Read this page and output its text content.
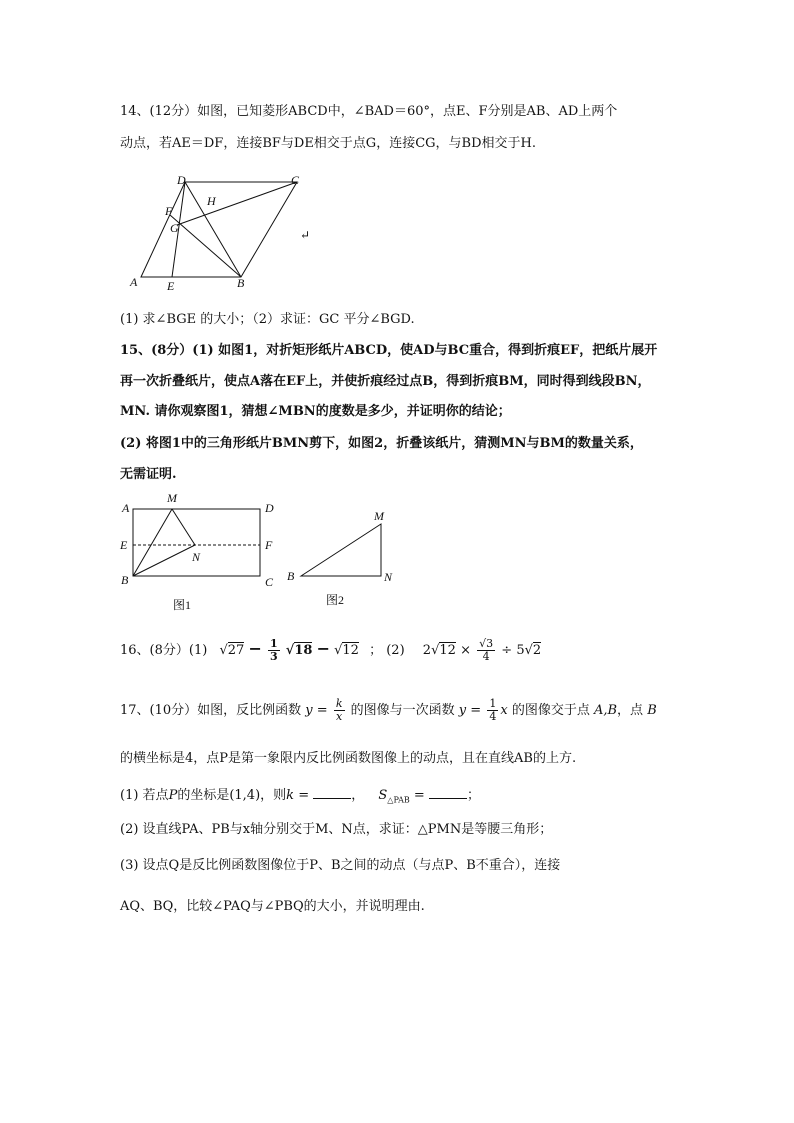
14、(12分）如图，已知菱形ABCD中，∠BAD＝60°，点E、F分别是AB、AD上两个
动点，若AE＝DF，连接BF与DE相交于点G，连接CG，与BD相交于H.
D	C
F
H
G
A E	B
↵
(1) 求∠BGE 的大小；（2）求证：GC 平分∠BGD.
15、(8分）(1) 如图1，对折矩形纸片ABCD，使AD与BC重合，得到折痕EF，把纸片展开
再一次折叠纸片，使点A落在EF上，并使折痕经过点B，得到折痕BM，同时得到线段BN，
MN. 请你观察图1，猜想∠MBN的度数是多少，并证明你的结论；
(2) 将图1中的三角形纸片BMN剪下，如图2，折叠该纸片，猜测MN与BM的数量关系，
无需证明.
A
M
D
E	F
N
B	C
图1
M
B	N
图2
16、(8分）(1) $√27 - \frac{1}{3} √18 - √12$ ； (2) $2√12 \times \frac{√3}{4} \div 5√2$
17、(10分）如图，反比例函数 $y = \frac{k}{x}$ 的图像与一次函数 $y = \frac{1}{4}$ x 的图像交于点 A,B，点 B
的横坐标是4，点P是第一象限内反比例函数图像上的动点，且在直线AB的上方.
(1) 若点P的坐标是(1,4)，则k =	， $S_{\triangle PAB}$ =	；
(2) 设直线PA、PB与x轴分别交于M、N点，求证：△PMN是等腰三角形；
(3) 设点Q是反比例函数图像位于P、B之间的动点（与点P、B不重合），连接
AQ、BQ，比较∠PAQ与∠PBQ的大小，并说明理由.
